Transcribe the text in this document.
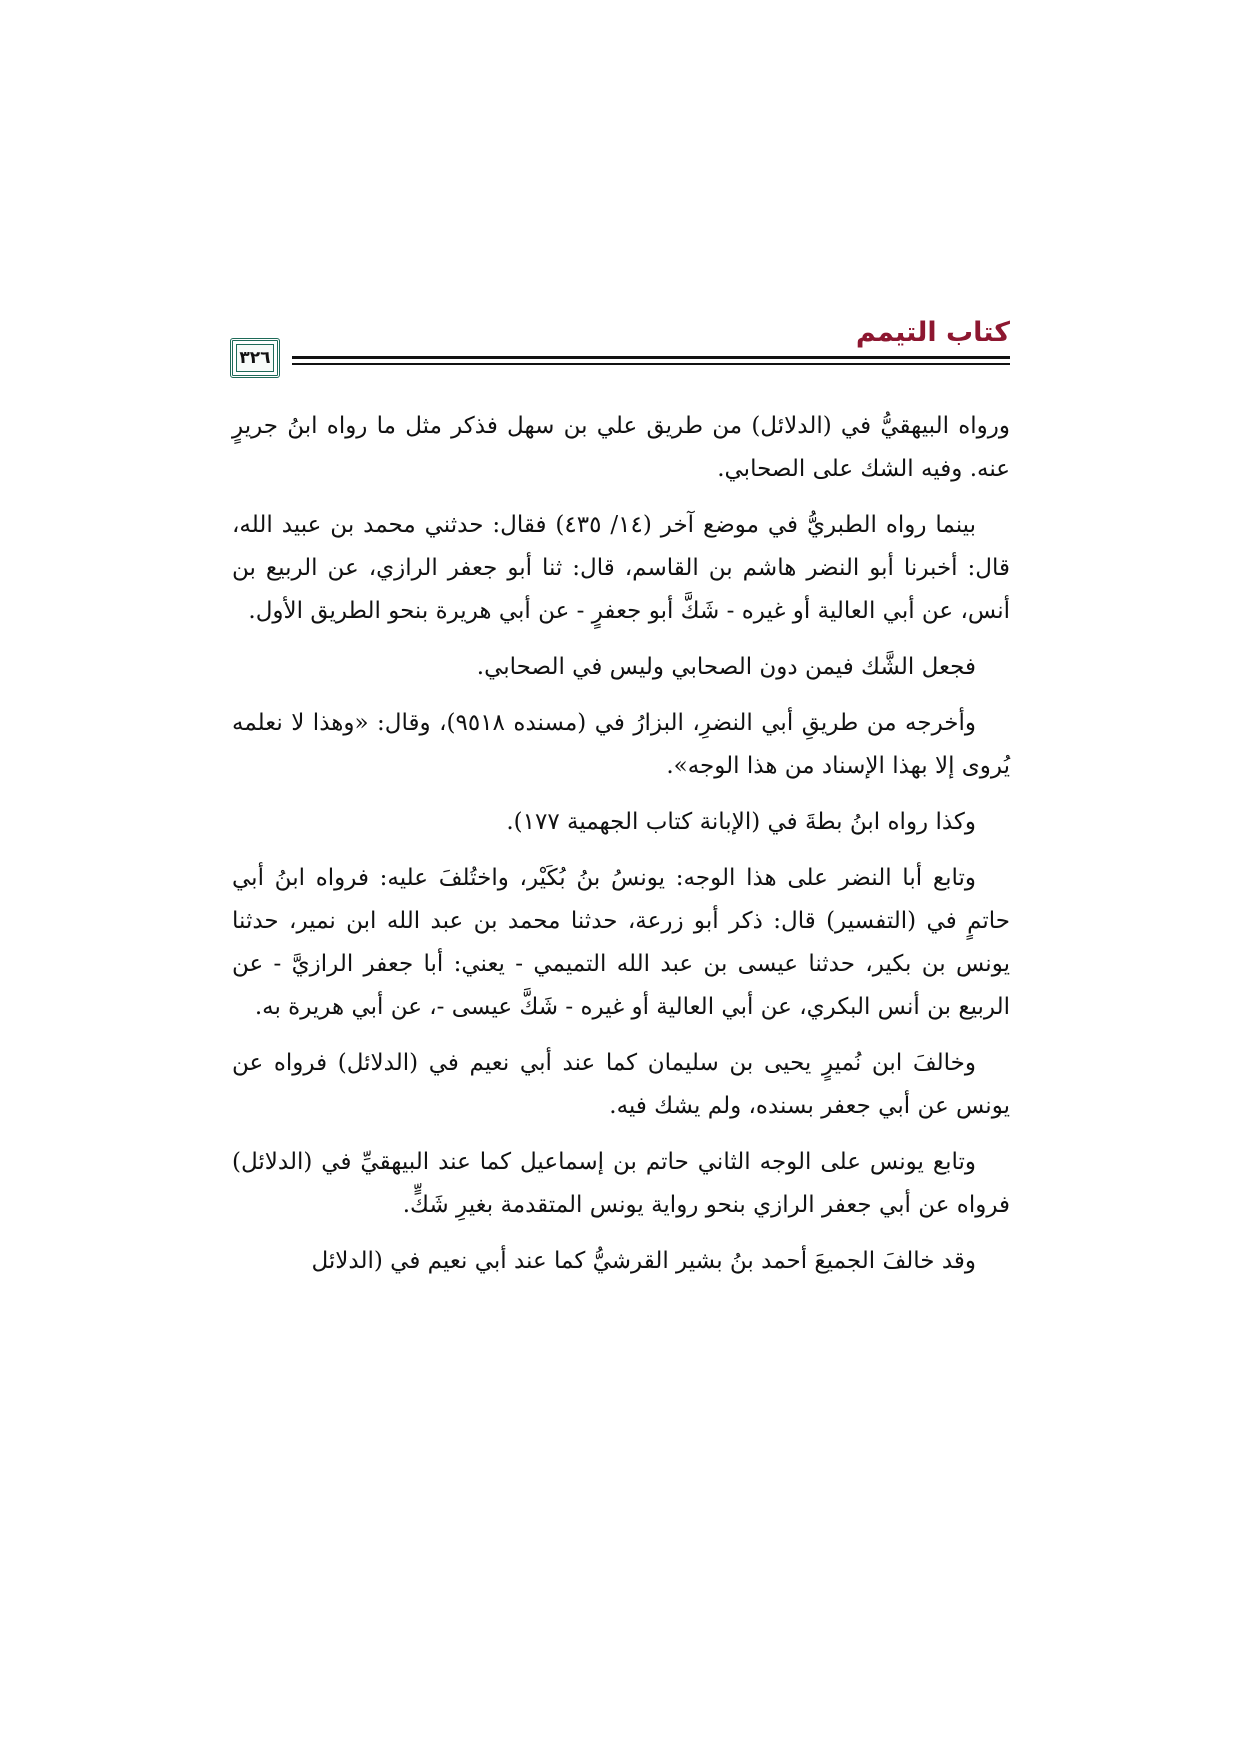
كتاب التيمم
٣٢٦

ورواه البيهقيُّ في (الدلائل) من طريق علي بن سهل فذكر مثل ما رواه ابنُ جريرٍ عنه. وفيه الشك على الصحابي.

بينما رواه الطبريُّ في موضع آخر (١٤/ ٤٣٥) فقال: حدثني محمد بن عبيد الله، قال: أخبرنا أبو النضر هاشم بن القاسم، قال: ثنا أبو جعفر الرازي، عن الربيع بن أنس، عن أبي العالية أو غيره - شَكَّ أبو جعفرٍ - عن أبي هريرة بنحو الطريق الأول.

فجعل الشَّك فيمن دون الصحابي وليس في الصحابي.

وأخرجه من طريقِ أبي النضرِ، البزارُ في (مسنده ٩٥١٨)، وقال: «وهذا لا نعلمه يُروى إلا بهذا الإسناد من هذا الوجه».

وكذا رواه ابنُ بطةَ في (الإبانة كتاب الجهمية ١٧٧).

وتابع أبا النضر على هذا الوجه: يونسُ بنُ بُكَيْر، واختُلفَ عليه: فرواه ابنُ أبي حاتمٍ في (التفسير) قال: ذكر أبو زرعة، حدثنا محمد بن عبد الله ابن نمير، حدثنا يونس بن بكير، حدثنا عيسى بن عبد الله التميمي - يعني: أبا جعفر الرازيَّ - عن الربيع بن أنس البكري، عن أبي العالية أو غيره - شَكَّ عيسى -، عن أبي هريرة به.

وخالفَ ابن نُميرٍ يحيى بن سليمان كما عند أبي نعيم في (الدلائل) فرواه عن يونس عن أبي جعفر بسنده، ولم يشك فيه.

وتابع يونس على الوجه الثاني حاتم بن إسماعيل كما عند البيهقيِّ في (الدلائل) فرواه عن أبي جعفر الرازي بنحو رواية يونس المتقدمة بغيرِ شَكٍّ.

وقد خالفَ الجميعَ أحمد بنُ بشير القرشيُّ كما عند أبي نعيم في (الدلائل
